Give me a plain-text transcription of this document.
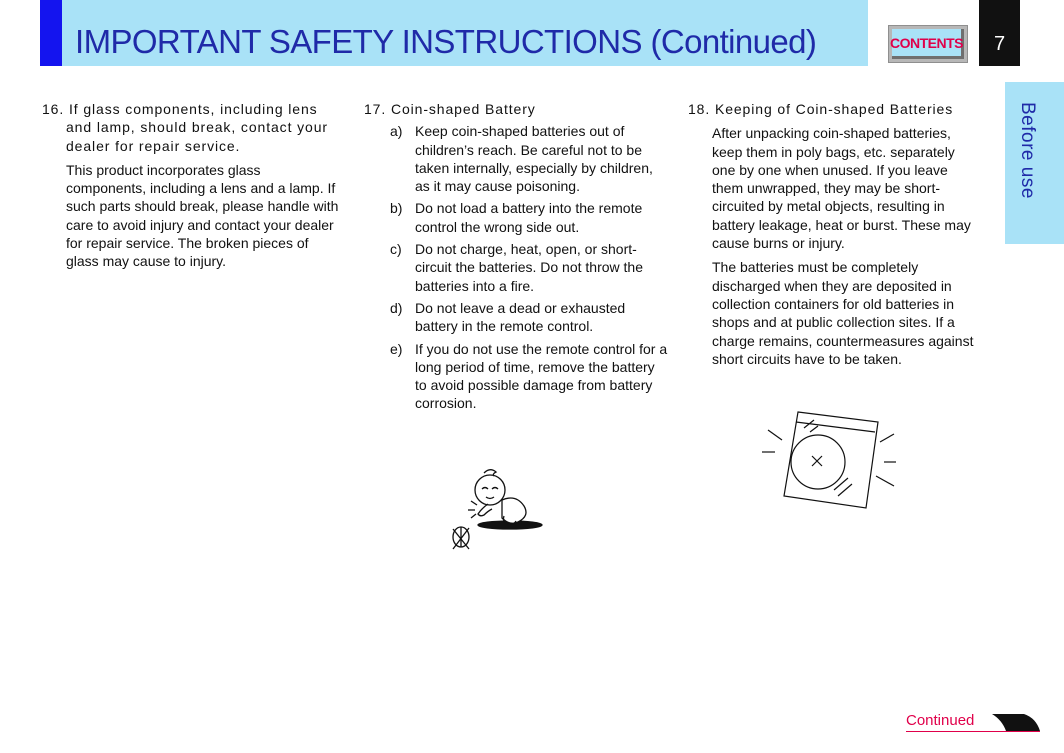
IMPORTANT SAFETY INSTRUCTIONS (Continued)	CONTENTS	7
Before use
16. If glass components, including lens and lamp, should break, contact your dealer for repair service.
This product incorporates glass components, including a lens and a lamp. If such parts should break, please handle with care to avoid injury and contact your dealer for repair service. The broken pieces of glass may cause to injury.
17. Coin-shaped Battery
a) Keep coin-shaped batteries out of children’s reach. Be careful not to be taken internally, especially by children, as it may cause poisoning.
b) Do not load a battery into the remote control the wrong side out.
c) Do not charge, heat, open, or short-circuit the batteries. Do not throw the batteries into a fire.
d) Do not leave a dead or exhausted battery in the remote control.
e) If you do not use the remote control for a long period of time, remove the battery to avoid possible damage from battery corrosion.
18. Keeping of Coin-shaped Batteries
After unpacking coin-shaped batteries, keep them in poly bags, etc. separately one by one when unused. If you leave them unwrapped, they may be short-circuited by metal objects, resulting in battery leakage, heat or burst. These may cause burns or injury.
The batteries must be completely discharged when they are deposited in collection containers for old batteries in shops and at public collection sites. If a charge remains, countermeasures against short circuits have to be taken.
Continued
